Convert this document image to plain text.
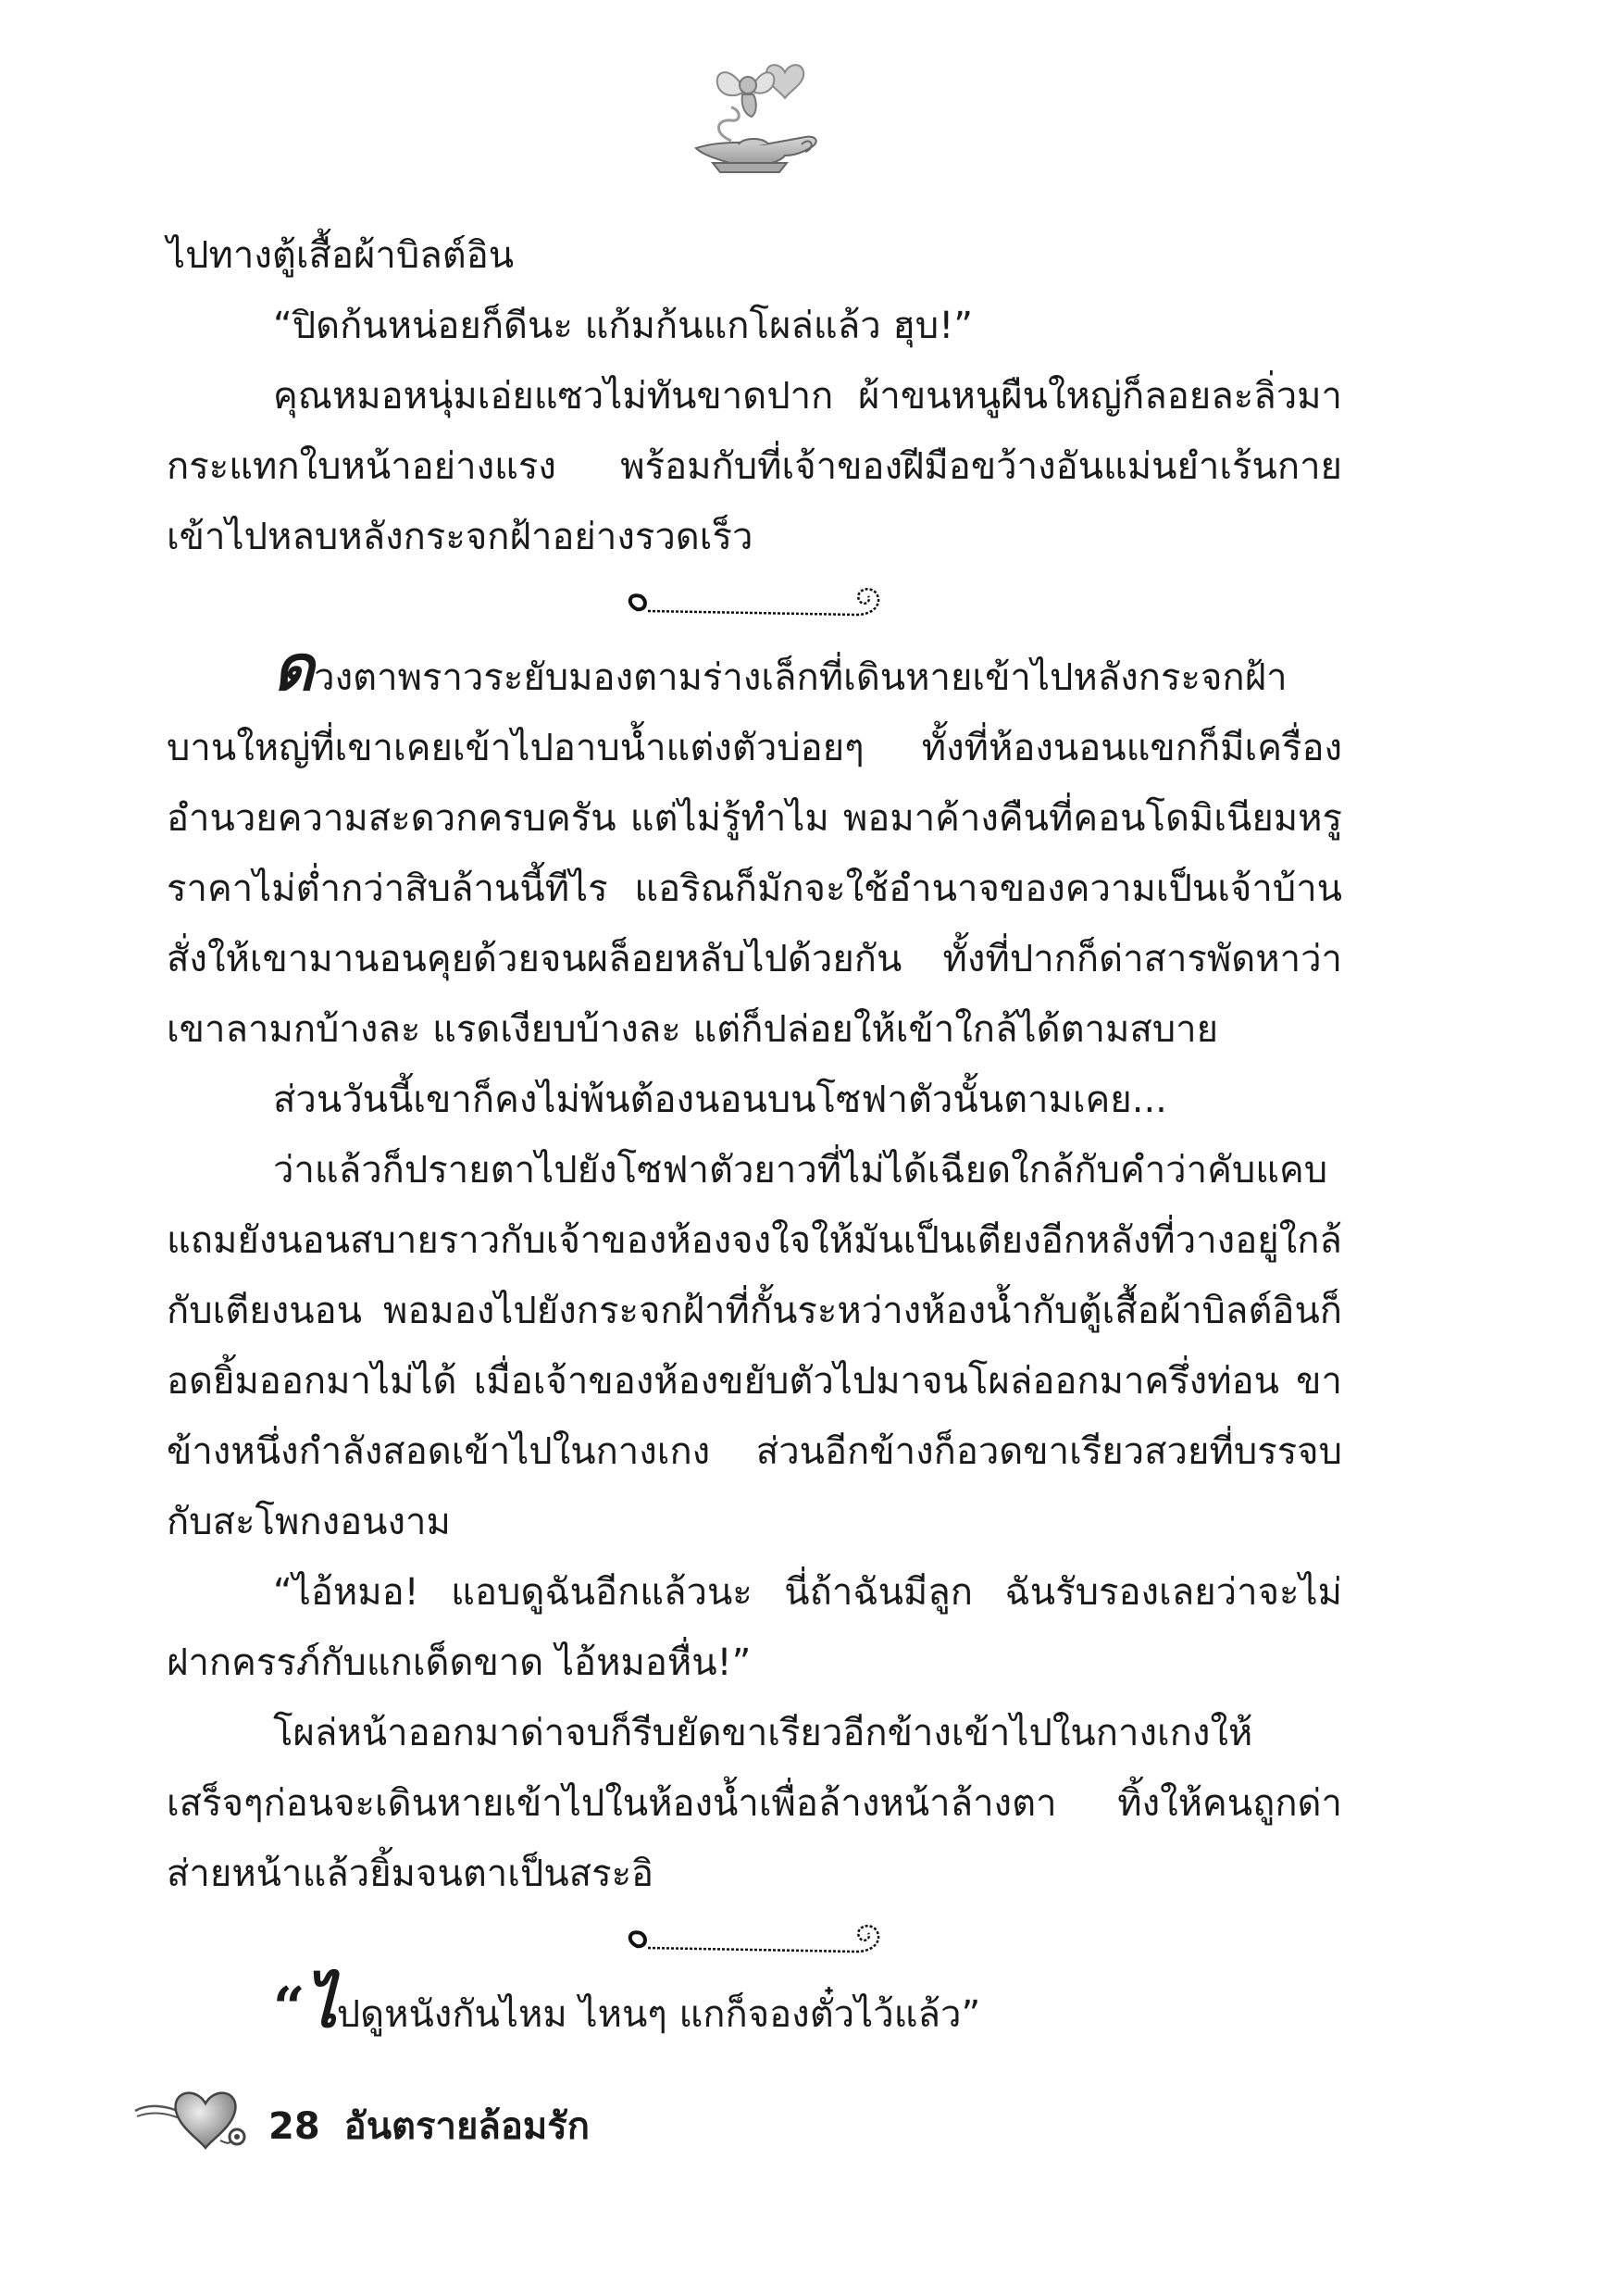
ไปทางตู้เสื้อผ้าบิลต์อิน

“ปิดก้นหน่อยก็ดีนะ แก้มก้นแกโผล่แล้ว ฮุบ!”

คุณหมอหนุ่มเอ่ยแซวไม่ทันขาดปาก ผ้าขนหนูผืนใหญ่ก็ลอยละลิ่วมากระแทกใบหน้าอย่างแรง พร้อมกับที่เจ้าของฝีมือขว้างอันแม่นยำเร้นกายเข้าไปหลบหลังกระจกฝ้าอย่างรวดเร็ว

ดวงตาพราวระยับมองตามร่างเล็กที่เดินหายเข้าไปหลังกระจกฝ้าบานใหญ่ที่เขาเคยเข้าไปอาบน้ำแต่งตัวบ่อยๆ ทั้งที่ห้องนอนแขกก็มีเครื่องอำนวยความสะดวกครบครัน แต่ไม่รู้ทำไม พอมาค้างคืนที่คอนโดมิเนียมหรูราคาไม่ต่ำกว่าสิบล้านนี้ทีไร แอริณก็มักจะใช้อำนาจของความเป็นเจ้าบ้านสั่งให้เขามานอนคุยด้วยจนผล็อยหลับไปด้วยกัน ทั้งที่ปากก็ด่าสารพัดหาว่าเขาลามกบ้างละ แรดเงียบบ้างละ แต่ก็ปล่อยให้เข้าใกล้ได้ตามสบาย

ส่วนวันนี้เขาก็คงไม่พ้นต้องนอนบนโซฟาตัวนั้นตามเคย...

ว่าแล้วก็ปรายตาไปยังโซฟาตัวยาวที่ไม่ได้เฉียดใกล้กับคำว่าคับแคบแถมยังนอนสบายราวกับเจ้าของห้องจงใจให้มันเป็นเตียงอีกหลังที่วางอยู่ใกล้กับเตียงนอน พอมองไปยังกระจกฝ้าที่กั้นระหว่างห้องน้ำกับตู้เสื้อผ้าบิลต์อินก็อดยิ้มออกมาไม่ได้ เมื่อเจ้าของห้องขยับตัวไปมาจนโผล่ออกมาครึ่งท่อน ขาข้างหนึ่งกำลังสอดเข้าไปในกางเกง ส่วนอีกข้างก็อวดขาเรียวสวยที่บรรจบกับสะโพกงอนงาม

“ไอ้หมอ! แอบดูฉันอีกแล้วนะ นี่ถ้าฉันมีลูก ฉันรับรองเลยว่าจะไม่ฝากครรภ์กับแกเด็ดขาด ไอ้หมอหื่น!”

โผล่หน้าออกมาด่าจบก็รีบยัดขาเรียวอีกข้างเข้าไปในกางเกงให้เสร็จๆก่อนจะเดินหายเข้าไปในห้องน้ำเพื่อล้างหน้าล้างตา ทิ้งให้คนถูกด่าส่ายหน้าแล้วยิ้มจนตาเป็นสระอิ

“ไปดูหนังกันไหม ไหนๆ แกก็จองตั๋วไว้แล้ว”

28 อันตรายล้อมรัก
